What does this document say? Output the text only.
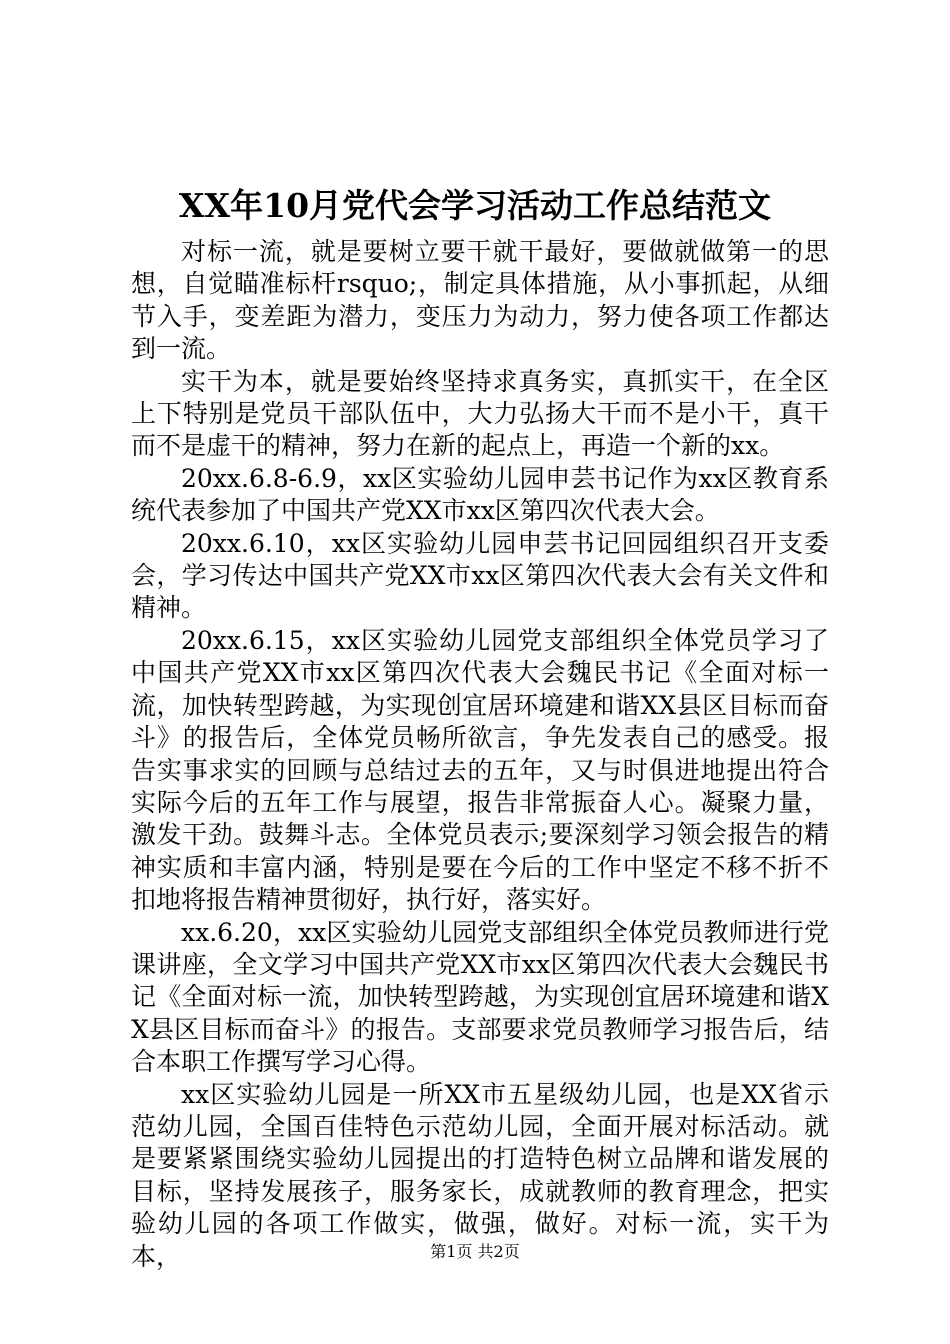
XX年10月党代会学习活动工作总结范文

对标一流，就是要树立要干就干最好，要做就做第一的思想，自觉瞄准标杆rsquo;，制定具体措施，从小事抓起，从细节入手，变差距为潜力，变压力为动力，努力使各项工作都达到一流。

实干为本，就是要始终坚持求真务实，真抓实干，在全区上下特别是党员干部队伍中，大力弘扬大干而不是小干，真干而不是虚干的精神，努力在新的起点上，再造一个新的xx。

20xx.6.8-6.9，xx区实验幼儿园申芸书记作为xx区教育系统代表参加了中国共产党XX市xx区第四次代表大会。

20xx.6.10，xx区实验幼儿园申芸书记回园组织召开支委会，学习传达中国共产党XX市xx区第四次代表大会有关文件和精神。

20xx.6.15，xx区实验幼儿园党支部组织全体党员学习了中国共产党XX市xx区第四次代表大会魏民书记《全面对标一流，加快转型跨越，为实现创宜居环境建和谐XX县区目标而奋斗》的报告后，全体党员畅所欲言，争先发表自己的感受。报告实事求实的回顾与总结过去的五年，又与时俱进地提出符合实际今后的五年工作与展望，报告非常振奋人心。凝聚力量，激发干劲。鼓舞斗志。全体党员表示;要深刻学习领会报告的精神实质和丰富内涵，特别是要在今后的工作中坚定不移不折不扣地将报告精神贯彻好，执行好，落实好。

xx.6.20，xx区实验幼儿园党支部组织全体党员教师进行党课讲座，全文学习中国共产党XX市xx区第四次代表大会魏民书记《全面对标一流，加快转型跨越，为实现创宜居环境建和谐XX县区目标而奋斗》的报告。支部要求党员教师学习报告后，结合本职工作撰写学习心得。

xx区实验幼儿园是一所XX市五星级幼儿园，也是XX省示范幼儿园，全国百佳特色示范幼儿园，全面开展对标活动。就是要紧紧围绕实验幼儿园提出的打造特色树立品牌和谐发展的目标，坚持发展孩子，服务家长，成就教师的教育理念，把实验幼儿园的各项工作做实，做强，做好。对标一流，实干为本，	第1页 共2页
